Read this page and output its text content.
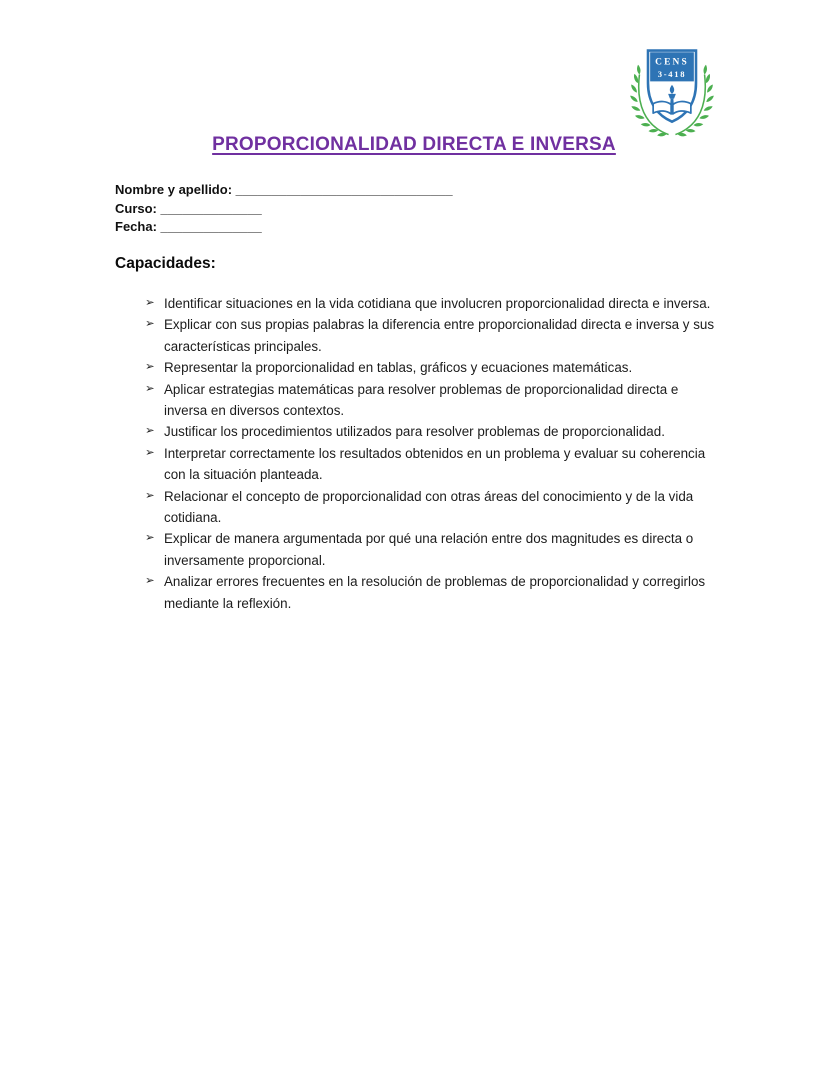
CENS
3-418
PROPORCIONALIDAD DIRECTA E INVERSA
Nombre y apellido: ______________________________
Curso: ______________
Fecha: ______________
Capacidades:
➢ Identificar situaciones en la vida cotidiana que involucren proporcionalidad directa e inversa.
➢ Explicar con sus propias palabras la diferencia entre proporcionalidad directa e inversa y sus características principales.
➢ Representar la proporcionalidad en tablas, gráficos y ecuaciones matemáticas.
➢ Aplicar estrategias matemáticas para resolver problemas de proporcionalidad directa e inversa en diversos contextos.
➢ Justificar los procedimientos utilizados para resolver problemas de proporcionalidad.
➢ Interpretar correctamente los resultados obtenidos en un problema y evaluar su coherencia con la situación planteada.
➢ Relacionar el concepto de proporcionalidad con otras áreas del conocimiento y de la vida cotidiana.
➢ Explicar de manera argumentada por qué una relación entre dos magnitudes es directa o inversamente proporcional.
➢ Analizar errores frecuentes en la resolución de problemas de proporcionalidad y corregirlos mediante la reflexión.
